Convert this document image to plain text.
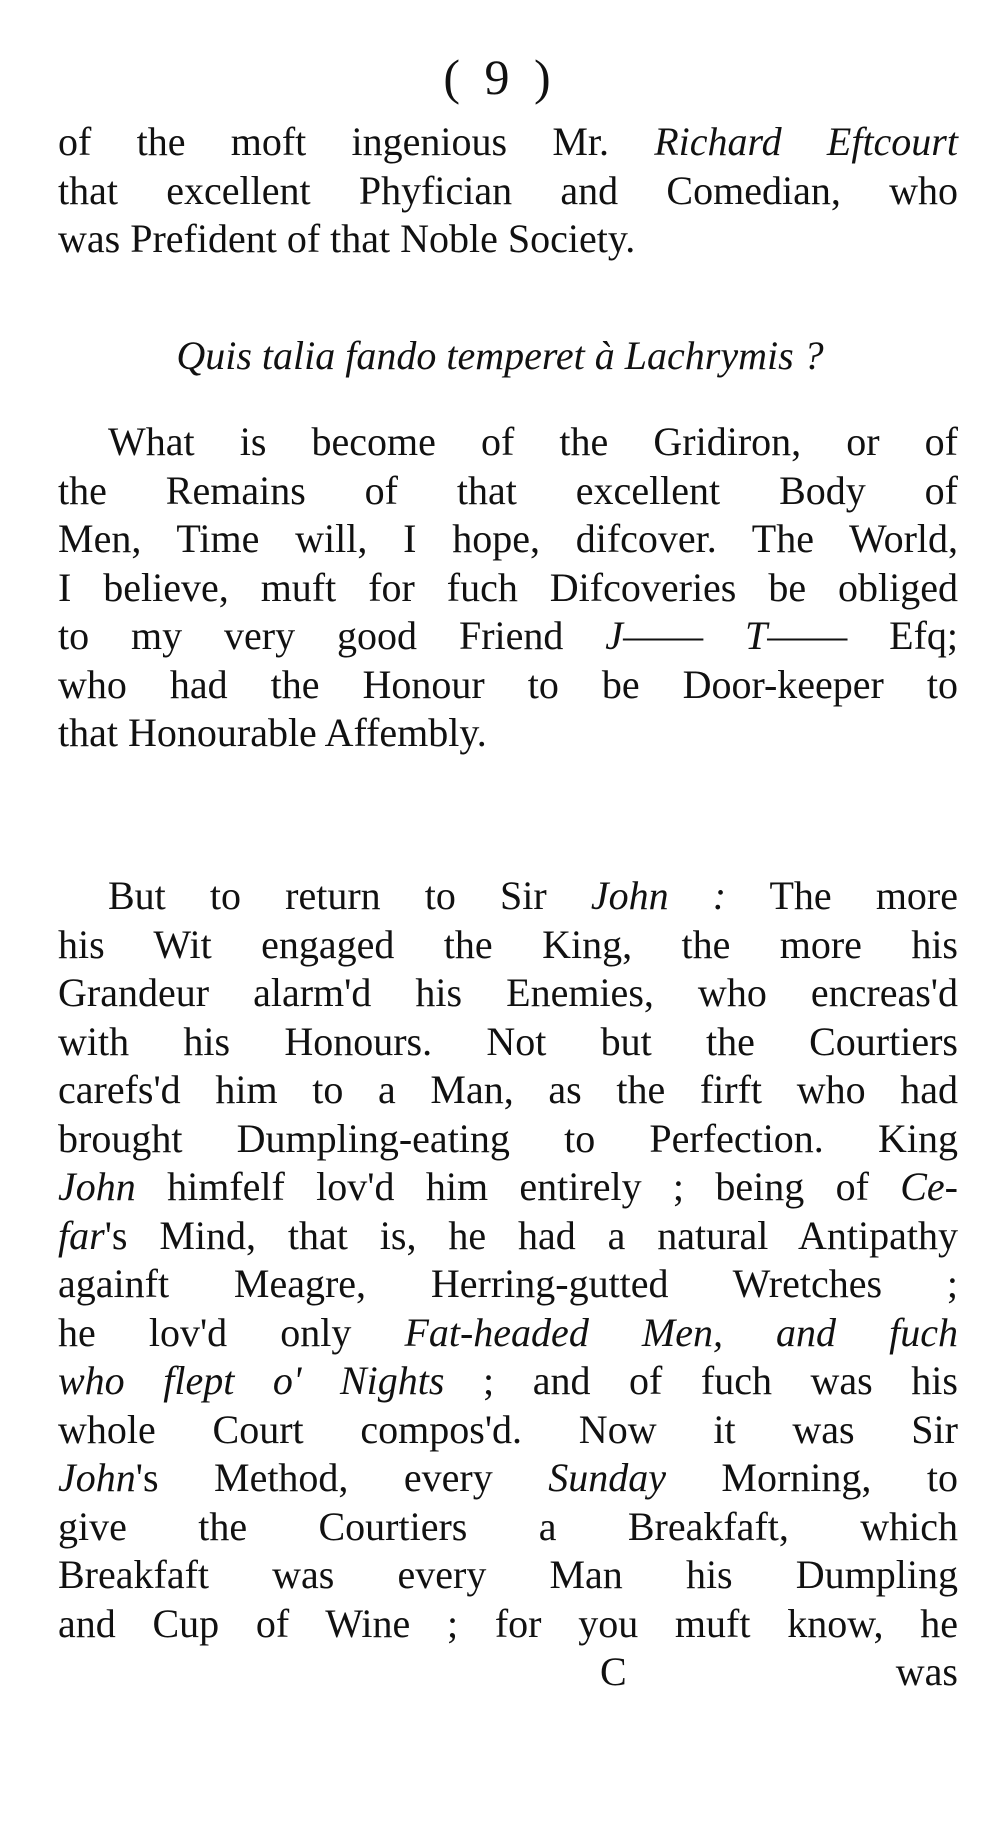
( 9 )
of the moft ingenious Mr. Richard Eftcourt
that excellent Phyfician and Comedian, who
was Prefident of that Noble Society.
Quis talia fando temperet à Lachrymis ?
What is become of the Gridiron, or of
the Remains of that excellent Body of
Men, Time will, I hope, difcover. The World,
I believe, muft for fuch Difcoveries be obliged
to my very good Friend J—— T—— Efq;
who had the Honour to be Door-keeper to
that Honourable Affembly.
But to return to Sir John : The more
his Wit engaged the King, the more his
Grandeur alarm'd his Enemies, who encreas'd
with his Honours. Not but the Courtiers
carefs'd him to a Man, as the firft who had
brought Dumpling-eating to Perfection. King
John himfelf lov'd him entirely ; being of Ce-
far's Mind, that is, he had a natural Antipathy
againft Meagre, Herring-gutted Wretches ;
he lov'd only Fat-headed Men, and fuch
who flept o' Nights ; and of fuch was his
whole Court compos'd. Now it was Sir
John's Method, every Sunday Morning, to
give the Courtiers a Breakfaft, which
Breakfaft was every Man his Dumpling
and Cup of Wine ; for you muft know, he
C	was
